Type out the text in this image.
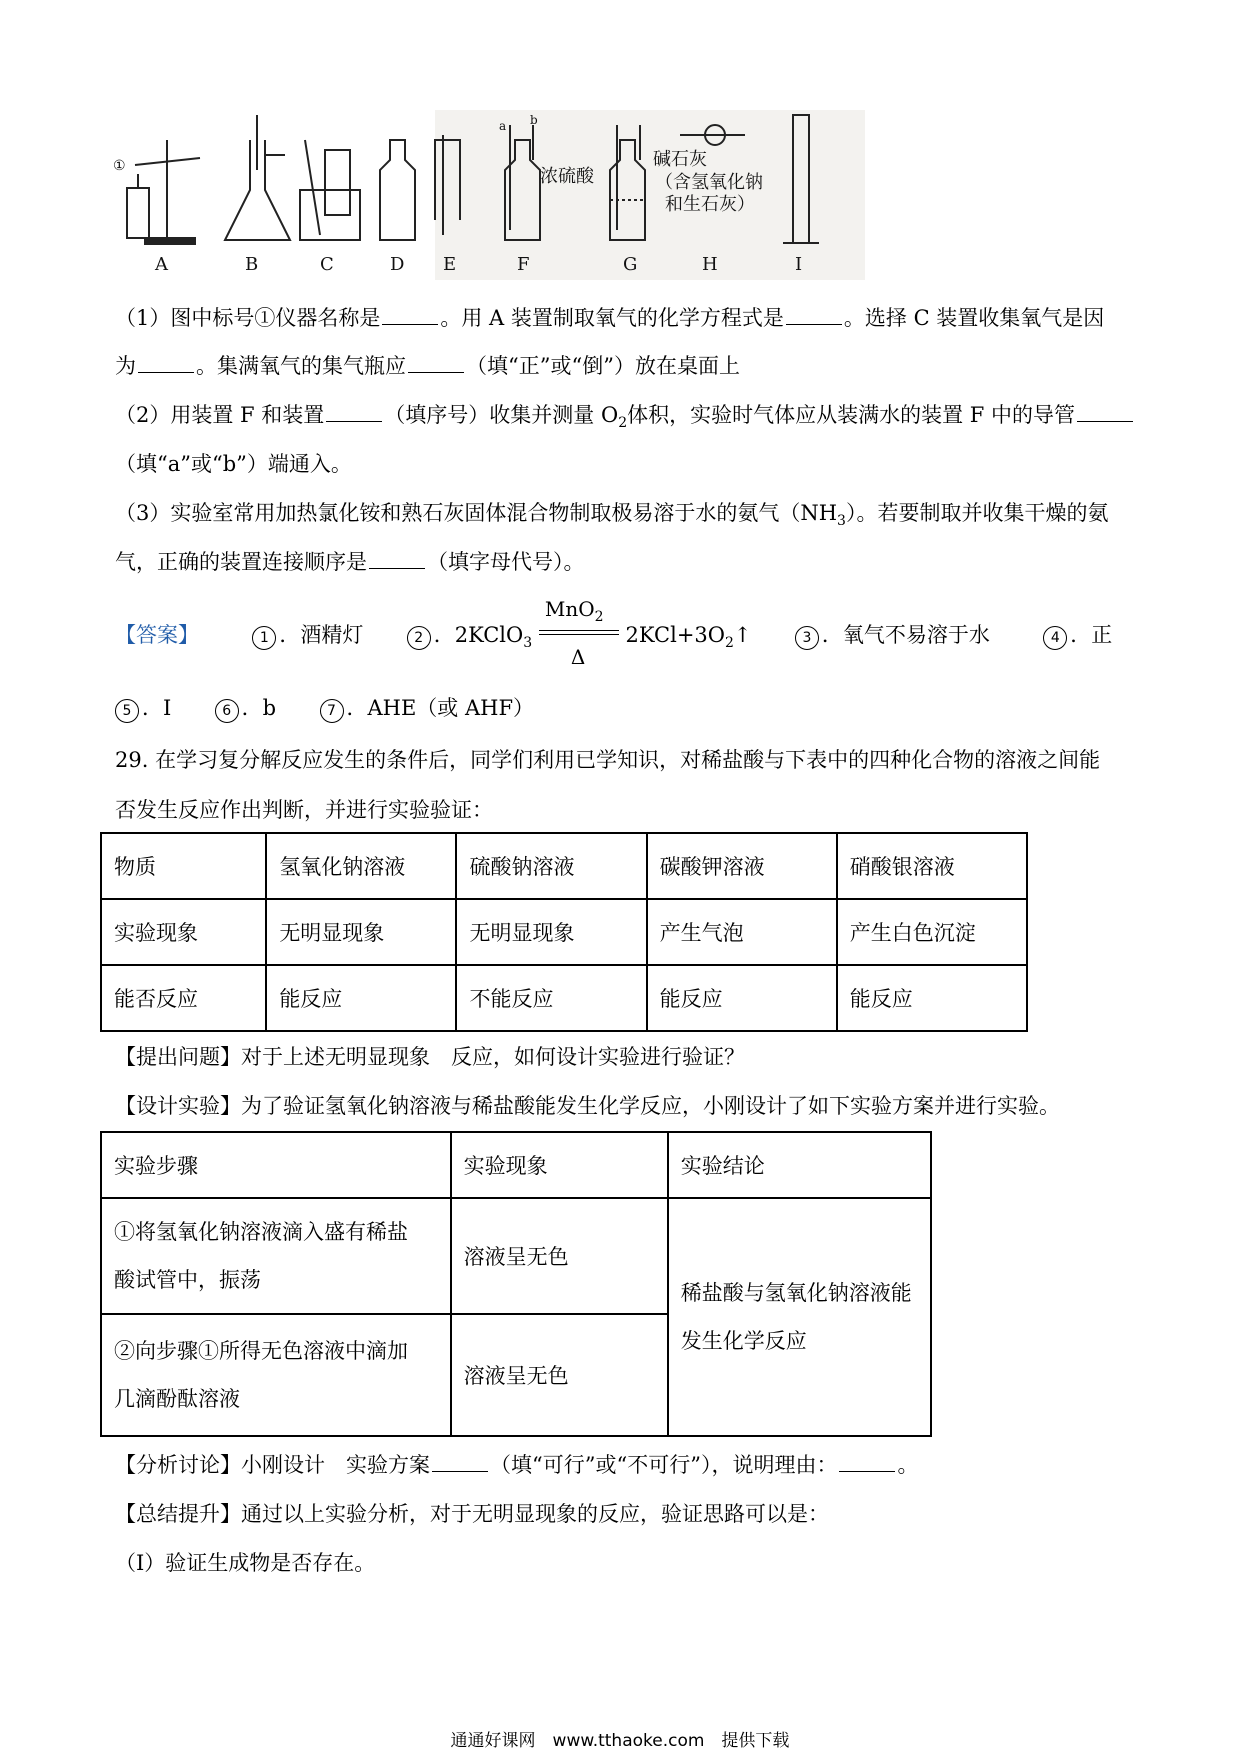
①
a b
浓硫酸
碱石灰
（含氢氧化钠
和生石灰）
A	B	C	D E	F	G	H	I
（1）图中标号①仪器名称是	。用 A 装置制取氧气的化学方程式是	。选择 C 装置收集氧气是因
为	。集满氧气的集气瓶应	（填“正”或“倒”）放在桌面上
（2）用装置 F 和装置	（填序号）收集并测量 $O_2$体积，实验时气体应从装满水的装置 F 中的导管
（填“a”或“b”）端通入。
（3）实验室常用加热氯化铵和熟石灰固体混合物制取极易溶于水的氨气$(NH_3)$。若要制取并收集干燥的氨
气，正确的装置连接顺序是	（填字母代号）。
【答案】	1 ．酒精灯	2 ．2KClO$_3$
MnO$_2$
Δ
$2KCl+3O_2↑$	3 ．氧气不易溶于水	4 ．正
5 ．I	6 ．b	7 ．AHE（或 AHF）
29. 在学习复分解反应发生的条件后，同学们利用已学知识，对稀盐酸与下表中的四种化合物的溶液之间能
否发生反应作出判断，并进行实验验证：
物质	氢氧化钠溶液	硫酸钠溶液	碳酸钾溶液	硝酸银溶液
实验现象	无明显现象	无明显现象	产生气泡	产生白色沉淀
能否反应	能反应	不能反应	能反应	能反应
【提出问题】对于上述无明显现象　反应，如何设计实验进行验证？
【设计实验】为了验证氢氧化钠溶液与稀盐酸能发生化学反应，小刚设计了如下实验方案并进行实验。
实验步骤	实验现象	实验结论
①将氢氧化钠溶液滴入盛有稀盐
酸试管中，振荡	溶液呈无色	稀盐酸与氢氧化钠溶液能
发生化学反应
②向步骤①所得无色溶液中滴加
几滴酚酞溶液	溶液呈无色	
【分析讨论】小刚设计　实验方案	（填“可行”或“不可行”），说明理由：	。
【总结提升】通过以上实验分析，对于无明显现象的反应，验证思路可以是：
（Ⅰ）验证生成物是否存在。
通通好课网　www.tthaoke.com　提供下载
